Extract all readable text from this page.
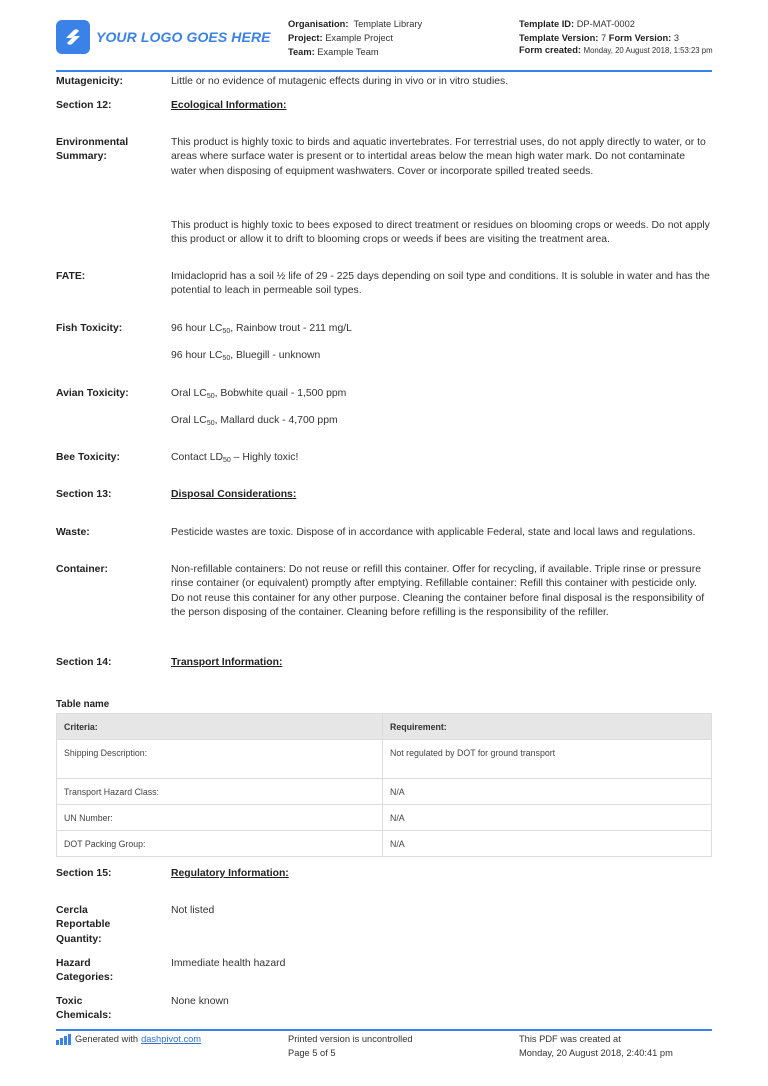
YOUR LOGO GOES HERE
Organisation: Template Library
Project: Example Project
Team: Example Team
Template ID: DP-MAT-0002
Template Version: 7 Form Version: 3
Form created: Monday, 20 August 2018, 1:53:23 pm
Mutagenicity:	Little or no evidence of mutagenic effects during in vivo or in vitro studies.
Section 12:	Ecological Information:
Environmental Summary:
This product is highly toxic to birds and aquatic invertebrates. For terrestrial uses, do not apply directly to water, or to areas where surface water is present or to intertidal areas below the mean high water mark. Do not contaminate water when disposing of equipment washwaters. Cover or incorporate spilled treated seeds.
This product is highly toxic to bees exposed to direct treatment or residues on blooming crops or weeds. Do not apply this product or allow it to drift to blooming crops or weeds if bees are visiting the treatment area.
FATE:	Imidacloprid has a soil ½ life of 29 - 225 days depending on soil type and conditions. It is soluble in water and has the potential to leach in permeable soil types.
Fish Toxicity:	96 hour $LC_{50}$, Rainbow trout - 211 mg/L
96 hour $LC_{50}$, Bluegill - unknown
Avian Toxicity:	Oral $LC_{50}$, Bobwhite quail - 1,500 ppm
Oral $LC_{50}$, Mallard duck - 4,700 ppm
Bee Toxicity:	Contact $LD_{50}$ – Highly toxic!
Section 13:	Disposal Considerations:
Waste:	Pesticide wastes are toxic. Dispose of in accordance with applicable Federal, state and local laws and regulations.
Container:	Non-refillable containers: Do not reuse or refill this container. Offer for recycling, if available. Triple rinse or pressure rinse container (or equivalent) promptly after emptying. Refillable container: Refill this container with pesticide only. Do not reuse this container for any other purpose. Cleaning the container before final disposal is the responsibility of the person disposing of the container. Cleaning before refilling is the responsibility of the refiller.
Section 14:	Transport Information:
Table name
Criteria:	Requirement:
Shipping Description:	Not regulated by DOT for ground transport
Transport Hazard Class:	N/A
UN Number:	N/A
DOT Packing Group:	N/A
Section 15:	Regulatory Information:
Cercla Reportable Quantity:
Not listed
Hazard Categories:
Immediate health hazard
Toxic Chemicals:
None known
Generated with dashpivot.com	Printed version is uncontrolled
Page 5 of 5
This PDF was created at
Monday, 20 August 2018, 2:40:41 pm
